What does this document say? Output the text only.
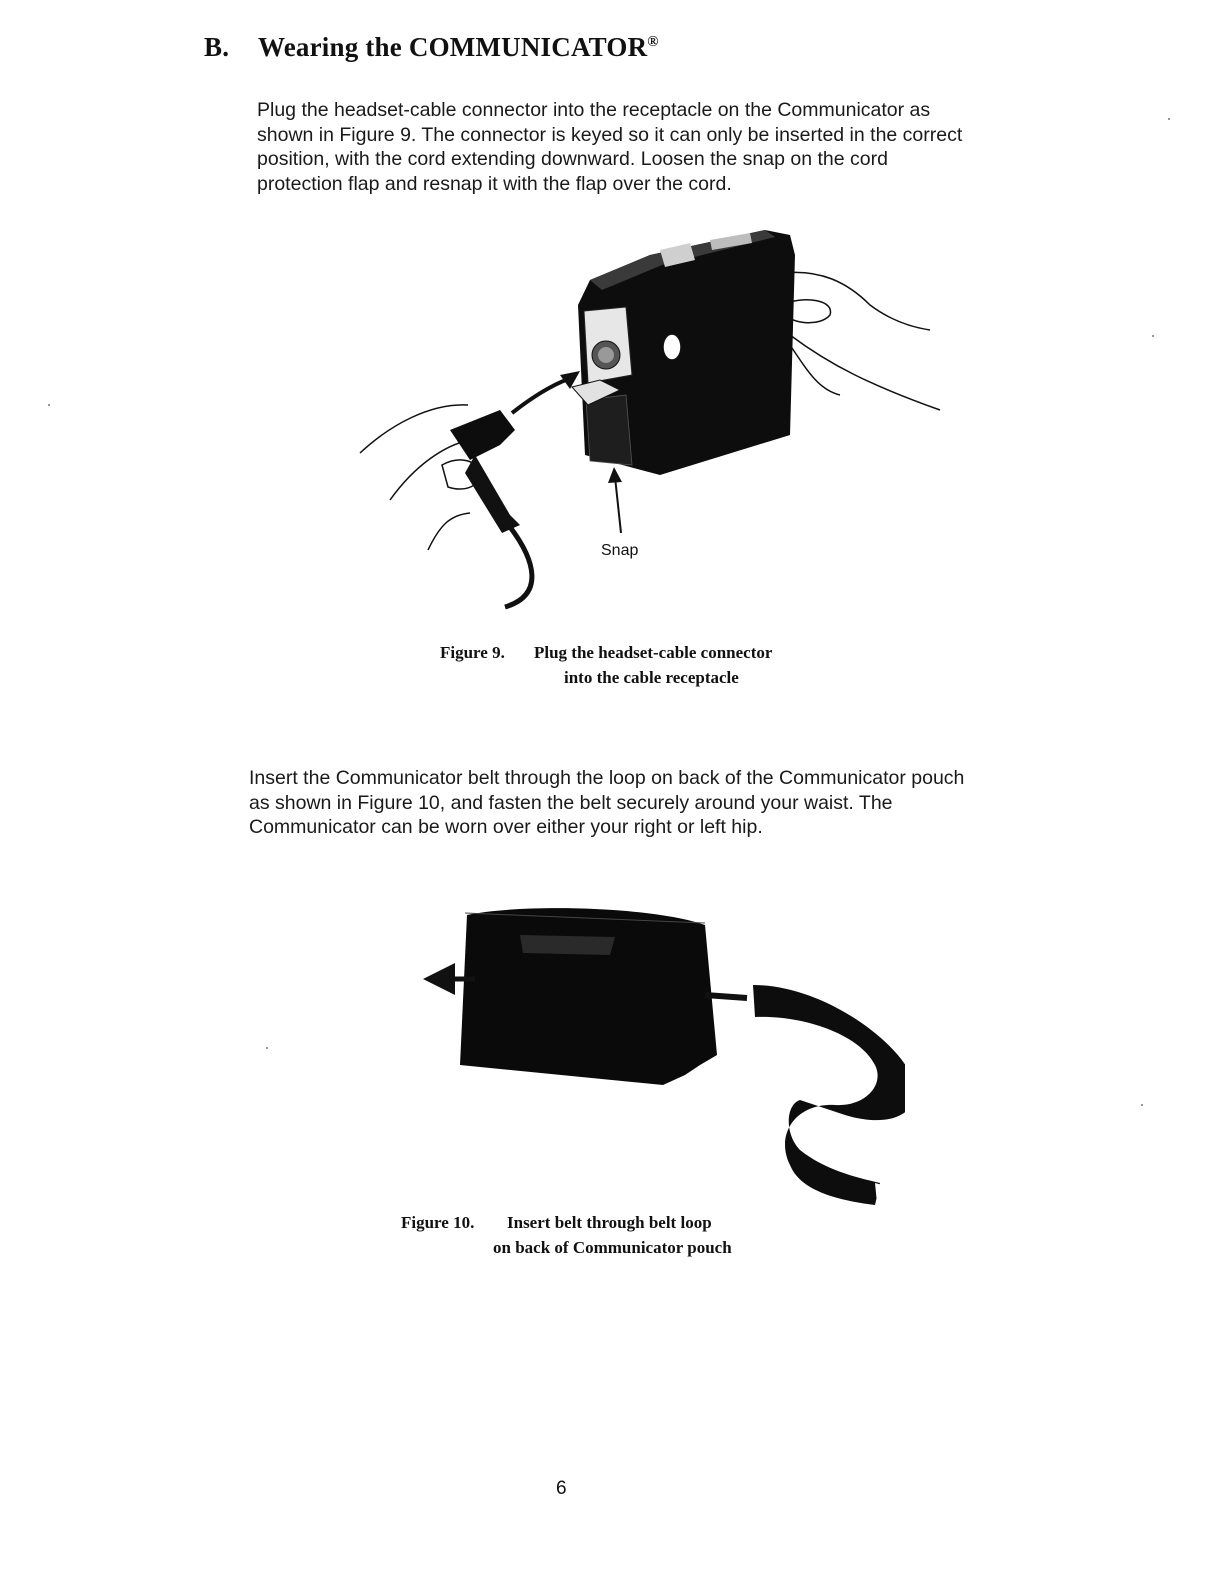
B. Wearing the COMMUNICATOR®

Plug the headset-cable connector into the receptacle on the Communicator as
shown in Figure 9. The connector is keyed so it can only be inserted in the correct
position, with the cord extending downward. Loosen the snap on the cord
protection flap and resnap it with the flap over the cord.

Snap
Figure 9. Plug the headset-cable connector
into the cable receptacle

Insert the Communicator belt through the loop on back of the Communicator pouch
as shown in Figure 10, and fasten the belt securely around your waist. The
Communicator can be worn over either your right or left hip.

Figure 10. Insert belt through belt loop
on back of Communicator pouch
6
